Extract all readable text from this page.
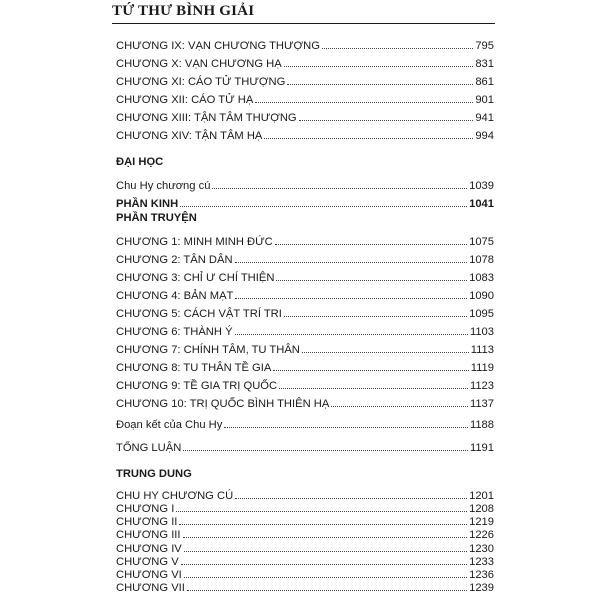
TỨ THƯ BÌNH GIẢI
CHƯƠNG IX: VẠN CHƯƠNG THƯỢNG	795
CHƯƠNG X: VẠN CHƯƠNG HẠ	831
CHƯƠNG XI: CÁO TỬ THƯỢNG	861
CHƯƠNG XII: CÁO TỬ HẠ	901
CHƯƠNG XIII: TẬN TÂM THƯỢNG	941
CHƯƠNG XIV: TẬN TÂM HẠ	994
ĐẠI HỌC
Chu Hy chương cú	1039
PHẦN KINH	1041
PHẦN TRUYỆN
CHƯƠNG 1: MINH MINH ĐỨC	1075
CHƯƠNG 2: TÂN DÂN	1078
CHƯƠNG 3: CHỈ Ư CHÍ THIỆN	1083
CHƯƠNG 4: BẢN MẠT	1090
CHƯƠNG 5: CÁCH VẬT TRÍ TRI	1095
CHƯƠNG 6: THÀNH Ý	1103
CHƯƠNG 7: CHÍNH TÂM, TU THÂN	1113
CHƯƠNG 8: TU THÂN TỀ GIA	1119
CHƯƠNG 9: TỀ GIA TRỊ QUỐC	1123
CHƯƠNG 10: TRỊ QUỐC BÌNH THIÊN HẠ	1137
Đoạn kết của Chu Hy	1188
TỔNG LUẬN	1191
TRUNG DUNG
CHU HY CHƯƠNG CÚ	1201
CHƯƠNG I	1208
CHƯƠNG II	1219
CHƯƠNG III	1226
CHƯƠNG IV	1230
CHƯƠNG V	1233
CHƯƠNG VI	1236
CHƯƠNG VII	1239
